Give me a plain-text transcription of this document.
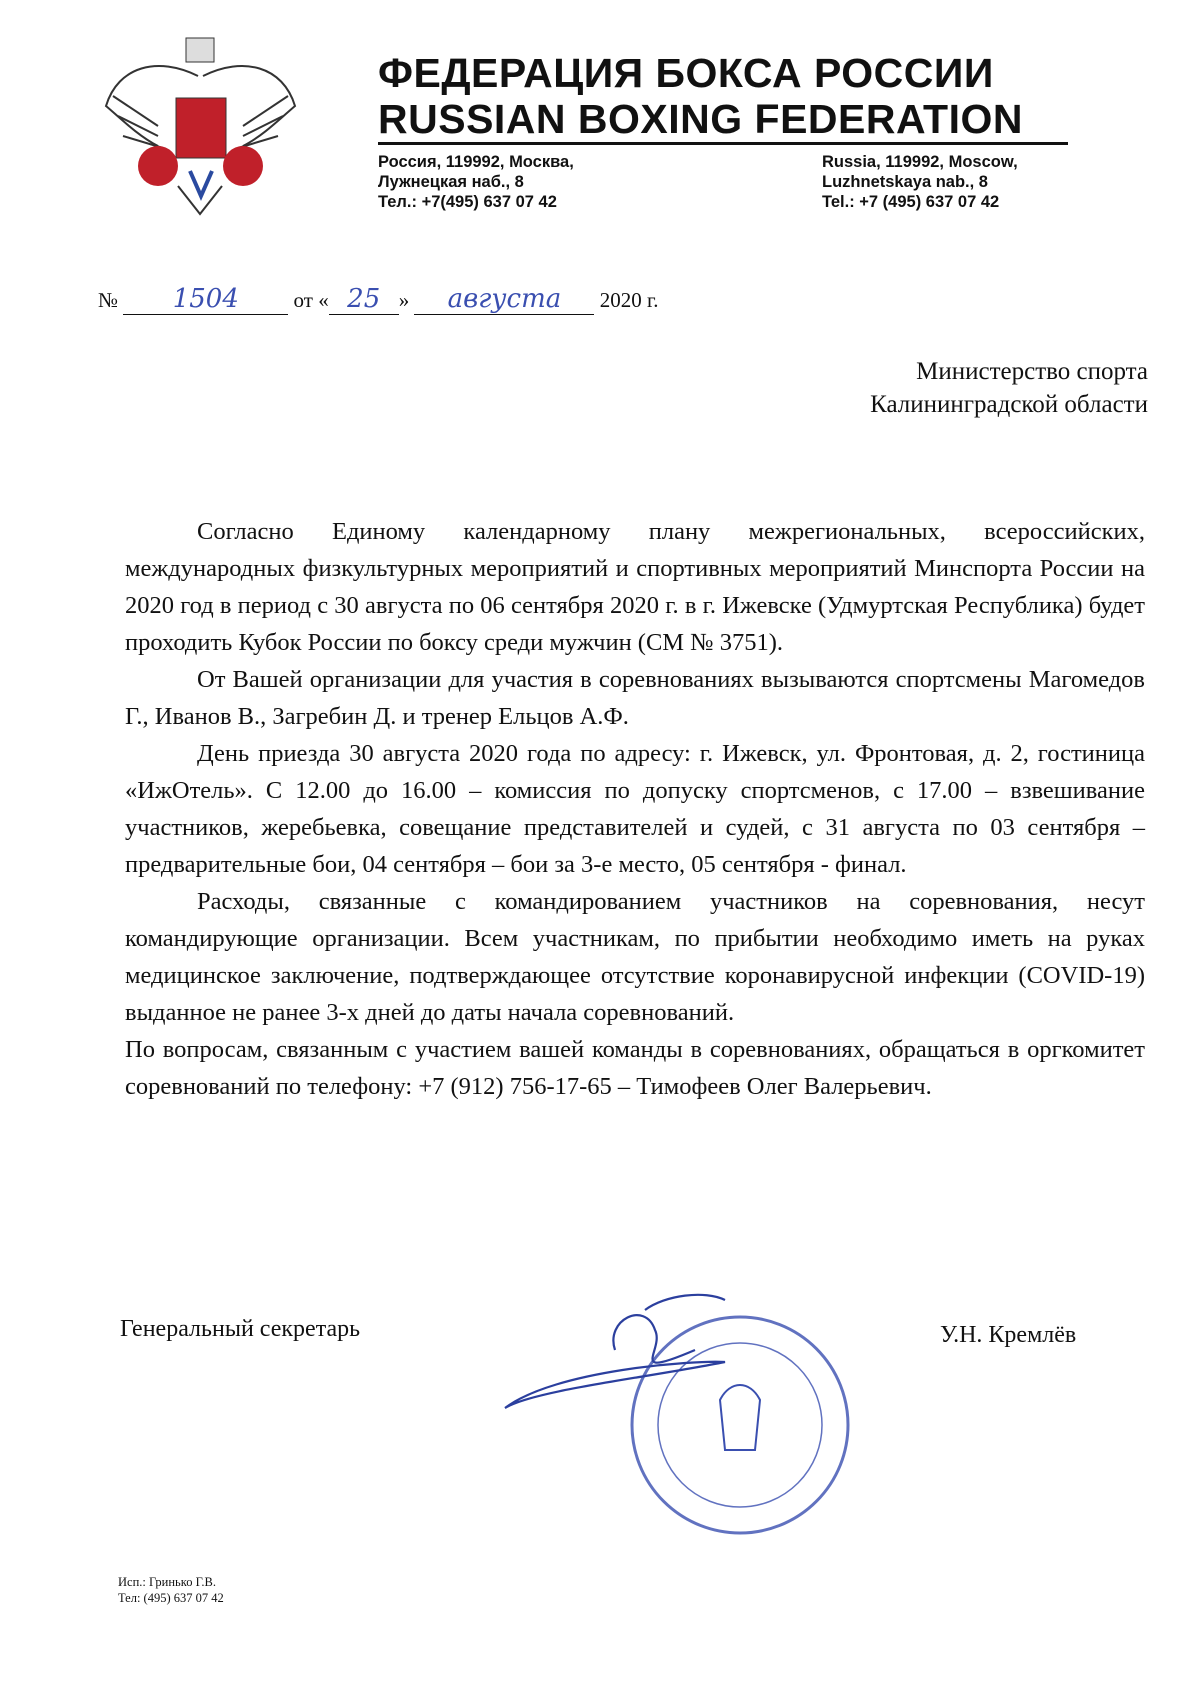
ФЕДЕРАЦИЯ БОКСА РОССИИ
RUSSIAN BOXING FEDERATION
Россия, 119992, Москва,
Лужнецкая наб., 8
Тел.: +7(495) 637 07 42
Russia, 119992, Moscow,
Luzhnetskaya nab., 8
Tel.: +7 (495) 637 07 42
№ 1504	от « 25 » августа 2020 г.
Министерство спорта
Калининградской области

Согласно Единому календарному плану межрегиональных, всероссийских, международных физкультурных мероприятий и спортивных мероприятий Минспорта России на 2020 год в период с 30 августа по 06 сентября 2020 г. в г. Ижевске (Удмуртская Республика) будет проходить Кубок России по боксу среди мужчин (СМ № 3751).

От Вашей организации для участия в соревнованиях вызываются спортсмены Магомедов Г., Иванов В., Загребин Д. и тренер Ельцов А.Ф.

День приезда 30 августа 2020 года по адресу: г. Ижевск, ул. Фронтовая, д. 2, гостиница «ИжОтель». С 12.00 до 16.00 – комиссия по допуску спортсменов, с 17.00 – взвешивание участников, жеребьевка, совещание представителей и судей, с 31 августа по 03 сентября – предварительные бои, 04 сентября – бои за 3-е место, 05 сентября - финал.

Расходы, связанные с командированием участников на соревнования, несут командирующие организации. Всем участникам, по прибытии необходимо иметь на руках медицинское заключение, подтверждающее отсутствие коронавирусной инфекции (COVID-19) выданное не ранее 3-х дней до даты начала соревнований.

По вопросам, связанным с участием вашей команды в соревнованиях, обращаться в оргкомитет соревнований по телефону: +7 (912) 756-17-65 – Тимофеев Олег Валерьевич.

Генеральный секретарь	У.Н. Кремлёв
Исп.: Гринько Г.В.
Тел: (495) 637 07 42
